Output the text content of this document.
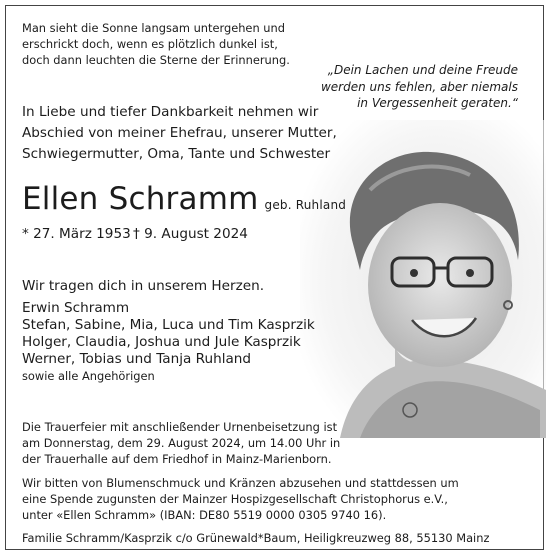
Man sieht die Sonne langsam untergehen und
erschrickt doch, wenn es plötzlich dunkel ist,
doch dann leuchten die Sterne der Erinnerung.
„Dein Lachen und deine Freude
werden uns fehlen, aber niemals
in Vergessenheit geraten.“
In Liebe und tiefer Dankbarkeit nehmen wir
Abschied von meiner Ehefrau, unserer Mutter,
Schwiegermutter, Oma, Tante und Schwester
Ellen Schramm geb. Ruhland
* 27. März 1953 † 9. August 2024
Wir tragen dich in unserem Herzen.
Erwin Schramm
Stefan, Sabine, Mia, Luca und Tim Kasprzik
Holger, Claudia, Joshua und Jule Kasprzik
Werner, Tobias und Tanja Ruhland
sowie alle Angehörigen
Die Trauerfeier mit anschließender Urnenbeisetzung ist
am Donnerstag, dem 29. August 2024, um 14.00 Uhr in
der Trauerhalle auf dem Friedhof in Mainz-Marienborn.
Wir bitten von Blumenschmuck und Kränzen abzusehen und stattdessen um
eine Spende zugunsten der Mainzer Hospizgesellschaft Christophorus e.V.,
unter «Ellen Schramm» (IBAN: DE80 5519 0000 0305 9740 16).
Familie Schramm/Kasprzik c/o Grünewald*Baum, Heiligkreuzweg 88, 55130 Mainz
